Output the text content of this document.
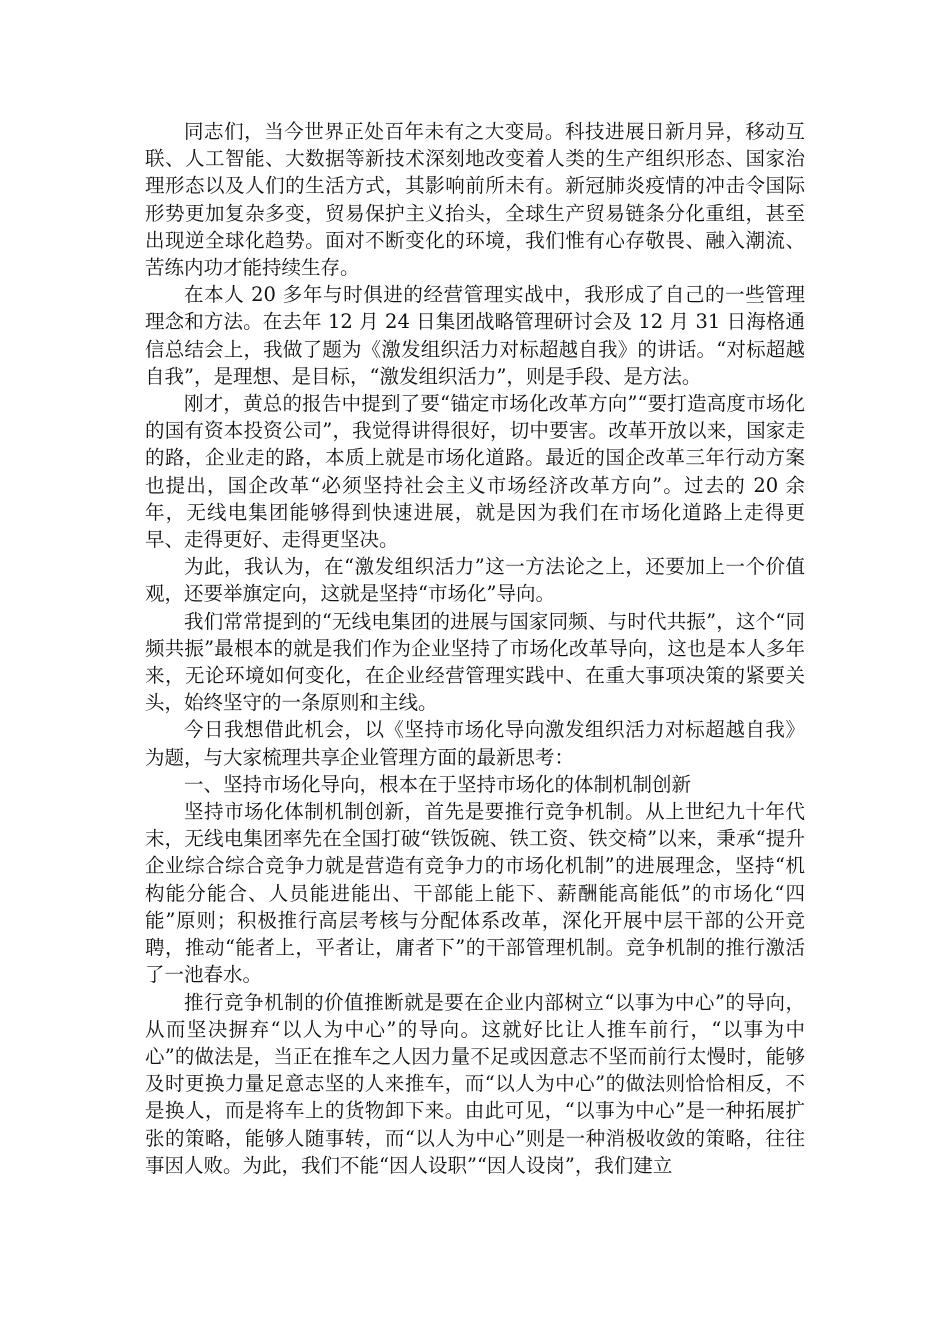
同志们，当今世界正处百年未有之大变局。科技进展日新月异，移动互联、人工智能、大数据等新技术深刻地改变着人类的生产组织形态、国家治理形态以及人们的生活方式，其影响前所未有。新冠肺炎疫情的冲击令国际形势更加复杂多变，贸易保护主义抬头，全球生产贸易链条分化重组，甚至出现逆全球化趋势。面对不断变化的环境，我们惟有心存敬畏、融入潮流、苦练内功才能持续生存。

在本人 20 多年与时俱进的经营管理实战中，我形成了自己的一些管理理念和方法。在去年 12 月 24 日集团战略管理研讨会及 12 月 31 日海格通信总结会上，我做了题为《激发组织活力对标超越自我》的讲话。“对标超越自我”，是理想、是目标，“激发组织活力”，则是手段、是方法。

刚才，黄总的报告中提到了要“锚定市场化改革方向”“要打造高度市场化的国有资本投资公司”，我觉得讲得很好，切中要害。改革开放以来，国家走的路，企业走的路，本质上就是市场化道路。最近的国企改革三年行动方案也提出，国企改革“必须坚持社会主义市场经济改革方向”。过去的 20 余年，无线电集团能够得到快速进展，就是因为我们在市场化道路上走得更早、走得更好、走得更坚决。

为此，我认为，在“激发组织活力”这一方法论之上，还要加上一个价值观，还要举旗定向，这就是坚持“市场化”导向。

我们常常提到的“无线电集团的进展与国家同频、与时代共振”，这个“同频共振”最根本的就是我们作为企业坚持了市场化改革导向，这也是本人多年来，无论环境如何变化，在企业经营管理实践中、在重大事项决策的紧要关头，始终坚守的一条原则和主线。

今日我想借此机会，以《坚持市场化导向激发组织活力对标超越自我》为题，与大家梳理共享企业管理方面的最新思考：

一、坚持市场化导向，根本在于坚持市场化的体制机制创新

坚持市场化体制机制创新，首先是要推行竞争机制。从上世纪九十年代末，无线电集团率先在全国打破“铁饭碗、铁工资、铁交椅”以来，秉承“提升企业综合综合竞争力就是营造有竞争力的市场化机制”的进展理念，坚持“机构能分能合、人员能进能出、干部能上能下、薪酬能高能低”的市场化“四能”原则；积极推行高层考核与分配体系改革，深化开展中层干部的公开竞聘，推动“能者上，平者让，庸者下”的干部管理机制。竞争机制的推行激活了一池春水。

推行竞争机制的价值推断就是要在企业内部树立“以事为中心”的导向，从而坚决摒弃“以人为中心”的导向。这就好比让人推车前行，“以事为中心”的做法是，当正在推车之人因力量不足或因意志不坚而前行太慢时，能够及时更换力量足意志坚的人来推车，而“以人为中心”的做法则恰恰相反，不是换人，而是将车上的货物卸下来。由此可见，“以事为中心”是一种拓展扩张的策略，能够人随事转，而“以人为中心”则是一种消极收敛的策略，往往事因人败。为此，我们不能“因人设职”“因人设岗”，我们建立
